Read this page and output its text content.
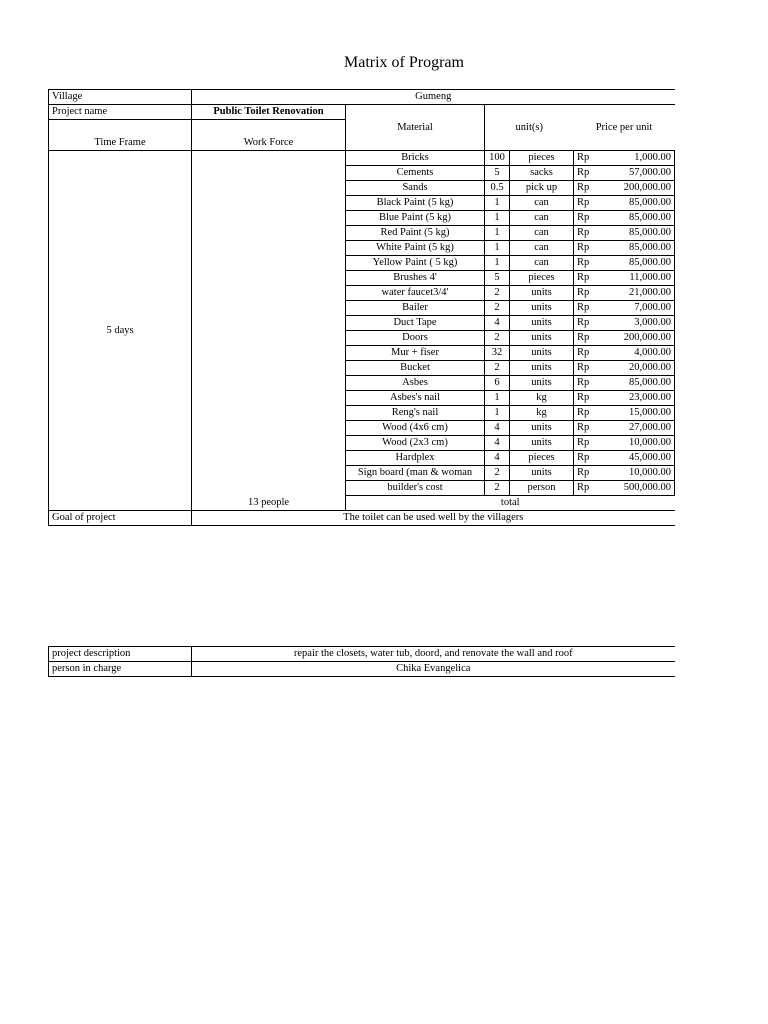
Matrix of Program
Village	Gumeng					
Project name	Public Toilet Renovation	Material	unit(s)		Price per unit	
Time Frame	Work Force					
5 days	13 people	Bricks	100	pieces	Rp	1,000.00
		Cements	5	sacks	Rp	57,000.00
		Sands	0.5	pick up	Rp	200,000.00
		Black Paint (5 kg)	1	can	Rp	85,000.00
		Blue Paint (5 kg)	1	can	Rp	85,000.00
		Red Paint (5 kg)	1	can	Rp	85,000.00
		White Paint (5 kg)	1	can	Rp	85,000.00
		Yellow Paint ( 5 kg)	1	can	Rp	85,000.00
		Brushes 4'	5	pieces	Rp	11,000.00
		water faucet3/4'	2	units	Rp	21,000.00
		Bailer	2	units	Rp	7,000.00
		Duct Tape	4	units	Rp	3,000.00
		Doors	2	units	Rp	200,000.00
		Mur + fiser	32	units	Rp	4,000.00
		Bucket	2	units	Rp	20,000.00
		Asbes	6	units	Rp	85,000.00
		Asbes's nail	1	kg	Rp	23,000.00
		Reng's nail	1	kg	Rp	15,000.00
		Wood (4x6 cm)	4	units	Rp	27,000.00
		Wood (2x3 cm)	4	units	Rp	10,000.00
		Hardplex	4	pieces	Rp	45,000.00
		Sign board (man & woman	2	units	Rp	10,000.00
		builder's cost	2	person	Rp	500,000.00
		total				
Goal of project	The toilet can be used well by the villagers					
project description	repair the closets, water tub, doord, and renovate the wall and roof
person in charge	Chika Evangelica
